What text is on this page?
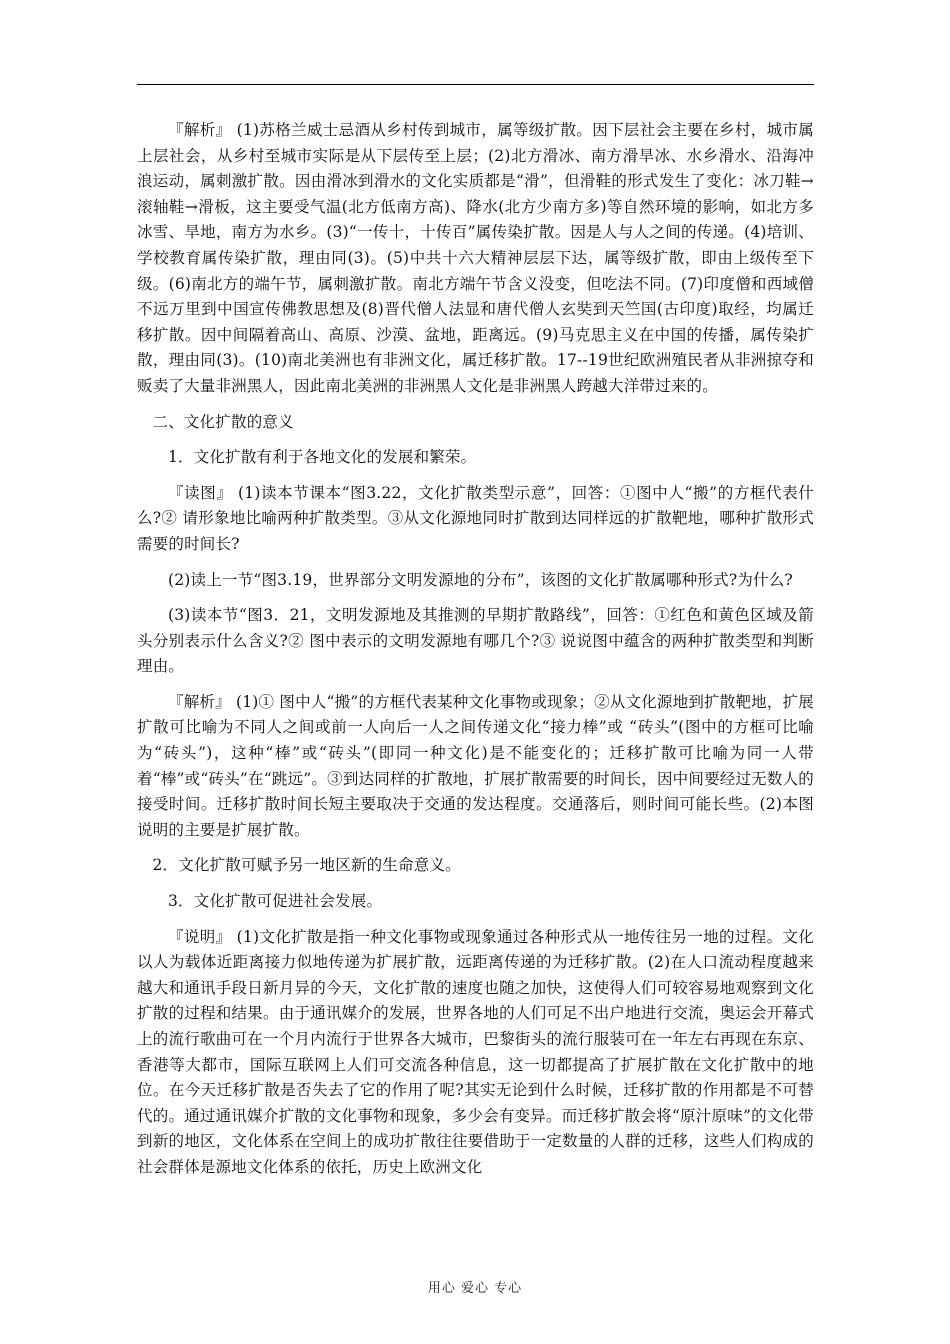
『解析』 (1)苏格兰威士忌酒从乡村传到城市，属等级扩散。因下层社会主要在乡村，城市属上层社会，从乡村至城市实际是从下层传至上层；(2)北方滑冰、南方滑旱冰、水乡滑水、沿海冲浪运动，属刺激扩散。因由滑冰到滑水的文化实质都是“滑”，但滑鞋的形式发生了变化：冰刀鞋→滚轴鞋→滑板，这主要受气温(北方低南方高)、降水(北方少南方多)等自然环境的影响，如北方多冰雪、旱地，南方为水乡。(3)“一传十，十传百”属传染扩散。因是人与人之间的传递。(4)培训、学校教育属传染扩散，理由同(3)。(5)中共十六大精神层层下达，属等级扩散，即由上级传至下级。(6)南北方的端午节，属刺激扩散。南北方端午节含义没变，但吃法不同。(7)印度僧和西域僧不远万里到中国宣传佛教思想及(8)晋代僧人法显和唐代僧人玄奘到天竺国(古印度)取经，均属迁移扩散。因中间隔着高山、高原、沙漠、盆地，距离远。(9)马克思主义在中国的传播，属传染扩散，理由同(3)。(10)南北美洲也有非洲文化，属迁移扩散。17--19世纪欧洲殖民者从非洲掠夺和贩卖了大量非洲黑人，因此南北美洲的非洲黑人文化是非洲黑人跨越大洋带过来的。

二、文化扩散的意义

1．文化扩散有利于各地文化的发展和繁荣。

『读图』 (1)读本节课本“图3.22，文化扩散类型示意”，回答：①图中人“搬”的方框代表什么?② 请形象地比喻两种扩散类型。③从文化源地同时扩散到达同样远的扩散靶地，哪种扩散形式需要的时间长?

(2)读上一节“图3.19，世界部分文明发源地的分布”，该图的文化扩散属哪种形式?为什么?

(3)读本节“图3．21，文明发源地及其推测的早期扩散路线”，回答：①红色和黄色区域及箭头分别表示什么含义?② 图中表示的文明发源地有哪几个?③ 说说图中蕴含的两种扩散类型和判断理由。

『解析』 (1)① 图中人“搬”的方框代表某种文化事物或现象；②从文化源地到扩散靶地，扩展扩散可比喻为不同人之间或前一人向后一人之间传递文化“接力棒”或 “砖头”(图中的方框可比喻为“砖头”)，这种“棒”或“砖头”(即同一种文化)是不能变化的；迁移扩散可比喻为同一人带着“棒”或“砖头”在“跳远”。③到达同样的扩散地，扩展扩散需要的时间长，因中间要经过无数人的接受时间。迁移扩散时间长短主要取决于交通的发达程度。交通落后，则时间可能长些。(2)本图说明的主要是扩展扩散。

2．文化扩散可赋予另一地区新的生命意义。

3．文化扩散可促进社会发展。

『说明』 (1)文化扩散是指一种文化事物或现象通过各种形式从一地传往另一地的过程。文化以人为载体近距离接力似地传递为扩展扩散，远距离传递的为迁移扩散。(2)在人口流动程度越来越大和通讯手段日新月异的今天，文化扩散的速度也随之加快，这使得人们可较容易地观察到文化扩散的过程和结果。由于通讯媒介的发展，世界各地的人们可足不出户地进行交流，奥运会开幕式上的流行歌曲可在一个月内流行于世界各大城市，巴黎街头的流行服装可在一年左右再现在东京、香港等大都市，国际互联网上人们可交流各种信息，这一切都提高了扩展扩散在文化扩散中的地位。在今天迁移扩散是否失去了它的作用了呢?其实无论到什么时候，迁移扩散的作用都是不可替代的。通过通讯媒介扩散的文化事物和现象，多少会有变异。而迁移扩散会将“原汁原味”的文化带到新的地区，文化体系在空间上的成功扩散往往要借助于一定数量的人群的迁移，这些人们构成的社会群体是源地文化体系的依托，历史上欧洲文化

用心 爱心 专心
